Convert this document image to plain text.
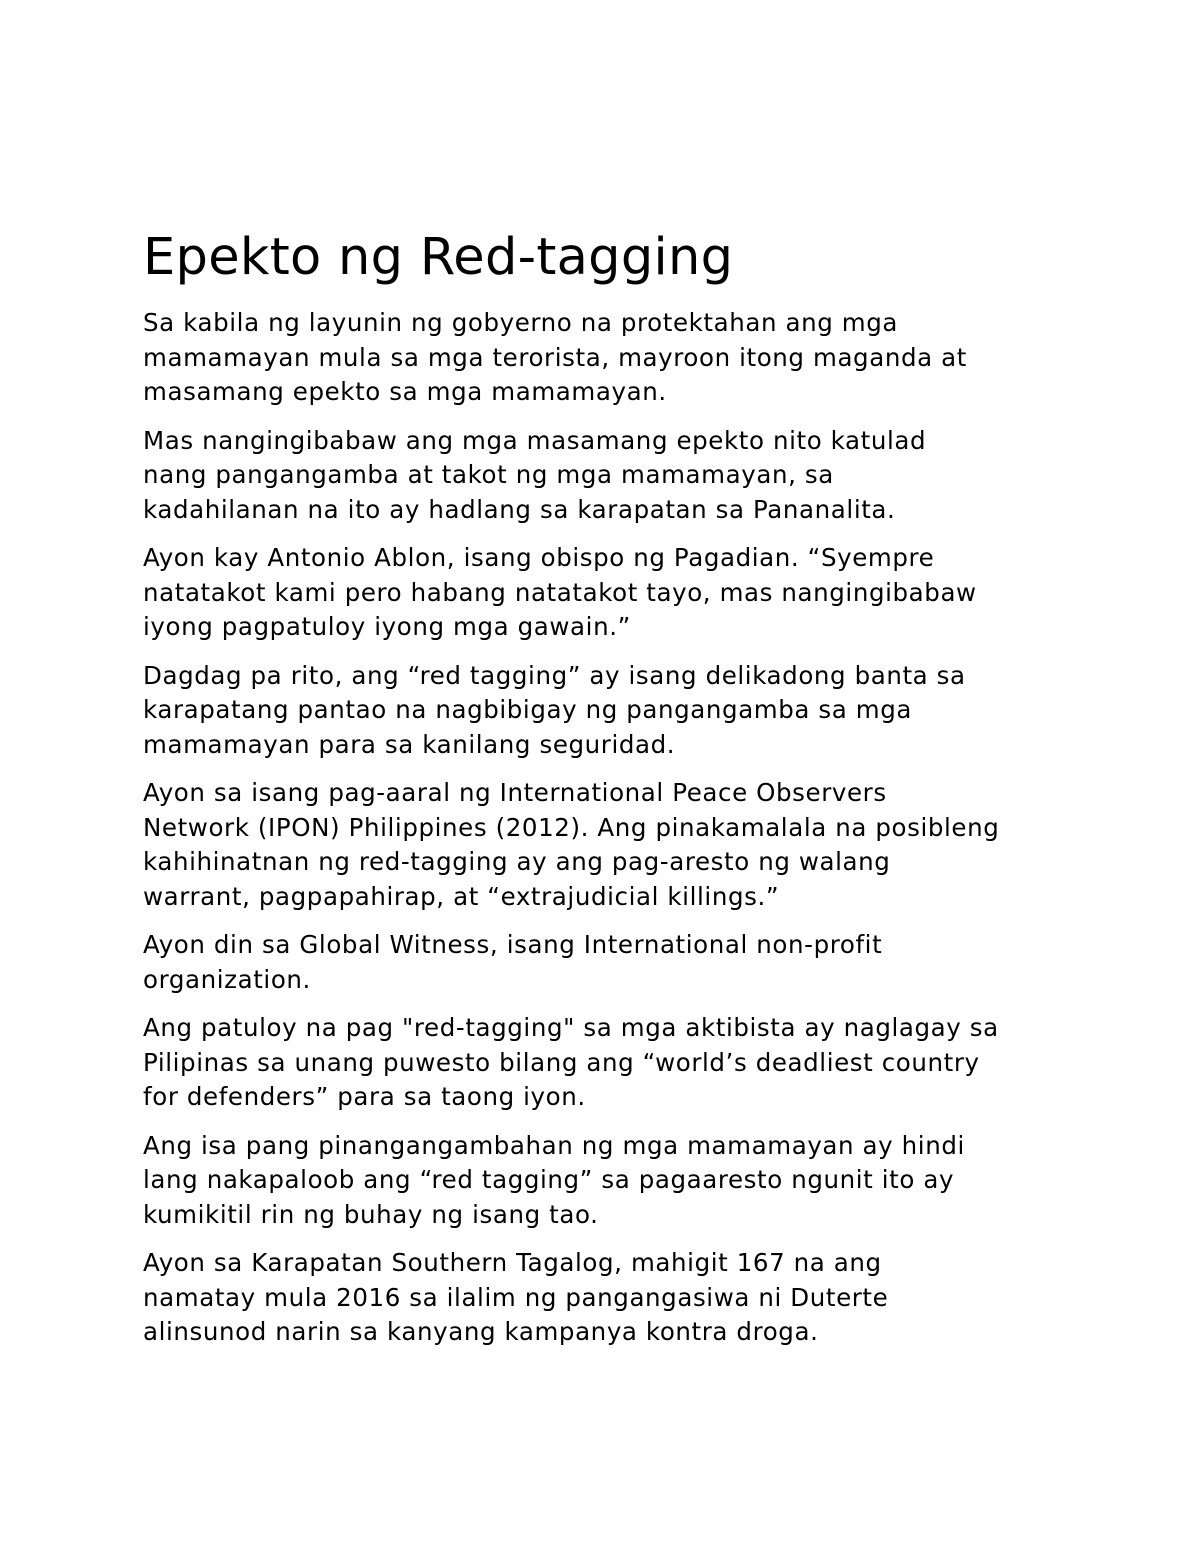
Epekto ng Red-tagging

Sa kabila ng layunin ng gobyerno na protektahan ang mga
mamamayan mula sa mga terorista, mayroon itong maganda at
masamang epekto sa mga mamamayan.

Mas nangingibabaw ang mga masamang epekto nito katulad
nang pangangamba at takot ng mga mamamayan, sa
kadahilanan na ito ay hadlang sa karapatan sa Pananalita.

Ayon kay Antonio Ablon, isang obispo ng Pagadian. “Syempre
natatakot kami pero habang natatakot tayo, mas nangingibabaw
iyong pagpatuloy iyong mga gawain.”

Dagdag pa rito, ang “red tagging” ay isang delikadong banta sa
karapatang pantao na nagbibigay ng pangangamba sa mga
mamamayan para sa kanilang seguridad.

Ayon sa isang pag-aaral ng International Peace Observers
Network (IPON) Philippines (2012). Ang pinakamalala na posibleng
kahihinatnan ng red-tagging ay ang pag-aresto ng walang
warrant, pagpapahirap, at “extrajudicial killings.”

Ayon din sa Global Witness, isang International non-profit
organization.

Ang patuloy na pag "red-tagging" sa mga aktibista ay naglagay sa
Pilipinas sa unang puwesto bilang ang “world’s deadliest country
for defenders” para sa taong iyon.

Ang isa pang pinangangambahan ng mga mamamayan ay hindi
lang nakapaloob ang “red tagging” sa pagaaresto ngunit ito ay
kumikitil rin ng buhay ng isang tao.

Ayon sa Karapatan Southern Tagalog, mahigit 167 na ang
namatay mula 2016 sa ilalim ng pangangasiwa ni Duterte
alinsunod narin sa kanyang kampanya kontra droga.
